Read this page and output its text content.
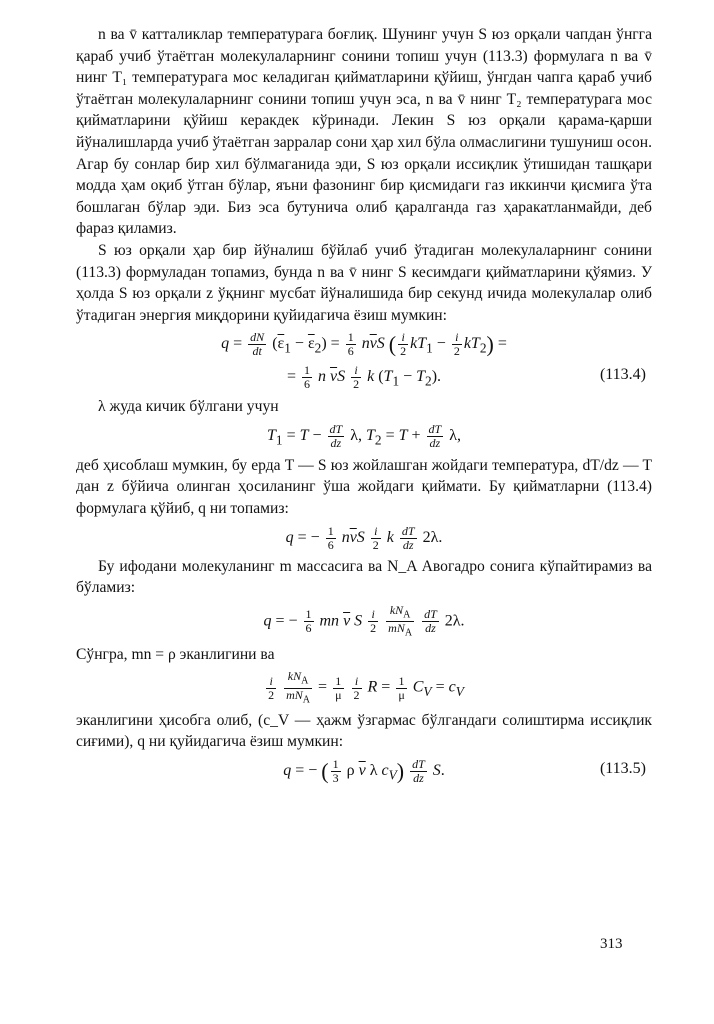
n ва v̄ катталиклар температурага боғлиқ. Шунинг учун S юз орқали чапдан ўнгга қараб учиб ўтаётган молекулаларнинг сонини топиш учун (113.3) формулага n ва v̄ нинг T₁ температурага мос келадиган қийматларини қўйиш, ўнгдан чапга қараб учиб ўтаётган молекулаларнинг сонини топиш учун эса, n ва v̄ нинг T₂ температурага мос қийматларини қўйиш керакдек кўринади. Лекин S юз орқали қарама-қарши йўналишларда учиб ўтаётган зарралар сони ҳар хил бўла олмаслигини тушуниш осон. Агар бу сонлар бир хил бўлмаганида эди, S юз орқали иссиқлик ўтишидан ташқари модда ҳам оқиб ўтган бўлар, яъни фазонинг бир қисмидаги газ иккинчи қисмига ўта бошлаган бўлар эди. Биз эса бутунича олиб қаралганда газ ҳаракатланмайди, деб фараз қиламиз.

S юз орқали ҳар бир йўналиш бўйлаб учиб ўтадиган молекулаларнинг сонини (113.3) формуладан топамиз, бунда n ва v̄ нинг S кесимдаги қийматларини қўямиз. У ҳолда S юз орқали z ўқнинг мусбат йўналишида бир секунд ичида молекулалар олиб ўтадиган энергия миқдорини қуйидагича ёзиш мумкин:

$q = \frac{dN}{dt} (\overline{\varepsilon}_1 - \overline{\varepsilon}_2) = \frac{1}{6} n\overline{v}S$ ( $\frac{i}{2} kT_1 - \frac{i}{2} kT_2$) =
= $\frac{1}{6}$ n $\overline{v}S \frac{i}{2}$ k $(T_1 - T_2)$.	(113.4)

λ жуда кичик бўлгани учун

$T_1 = T - \frac{dT}{dz} \lambda$, $T_2 = T + \frac{dT}{dz} \lambda$,

деб ҳисоблаш мумкин, бу ерда T — S юз жойлашган жойдаги температура, dT/dz — T дан z бўйича олинган ҳосиланинг ўша жойдаги қиймати. Бу қийматларни (113.4) формулага қўйиб, q ни топамиз:

q = − $\frac{1}{6} n\overline{v}S \frac{i}{2}$ k $\frac{dT}{dz} 2\lambda$.

Бу ифодани молекуланинг m массасига ва N_A Авогадро сонига кўпайтирамиз ва бўламиз:

q = − $\frac{1}{6}$ mn $\overline{v}$ S $\frac{i}{2}$
$kN_A$
$mN_A$
$\frac{dT}{dz} 2\lambda$.

Сўнгра, mn = ρ эканлигини ва

$\frac{i}{2}$
$kN_A$
$mN_A$
= $\frac{1}{\mu}$
$\frac{i}{2}$ $R = \frac{1}{\mu} C_V = c_V$

эканлигини ҳисобга олиб, (c_V — ҳажм ўзгармас бўлгандаги солиштирма иссиқлик сиғими), q ни қуйидагича ёзиш мумкин:

q = − ( $\frac{1}{3}$ ρ $\overline{v}$ λ $c_V) \frac{dT}{dz} S$.	(113.5)
313
